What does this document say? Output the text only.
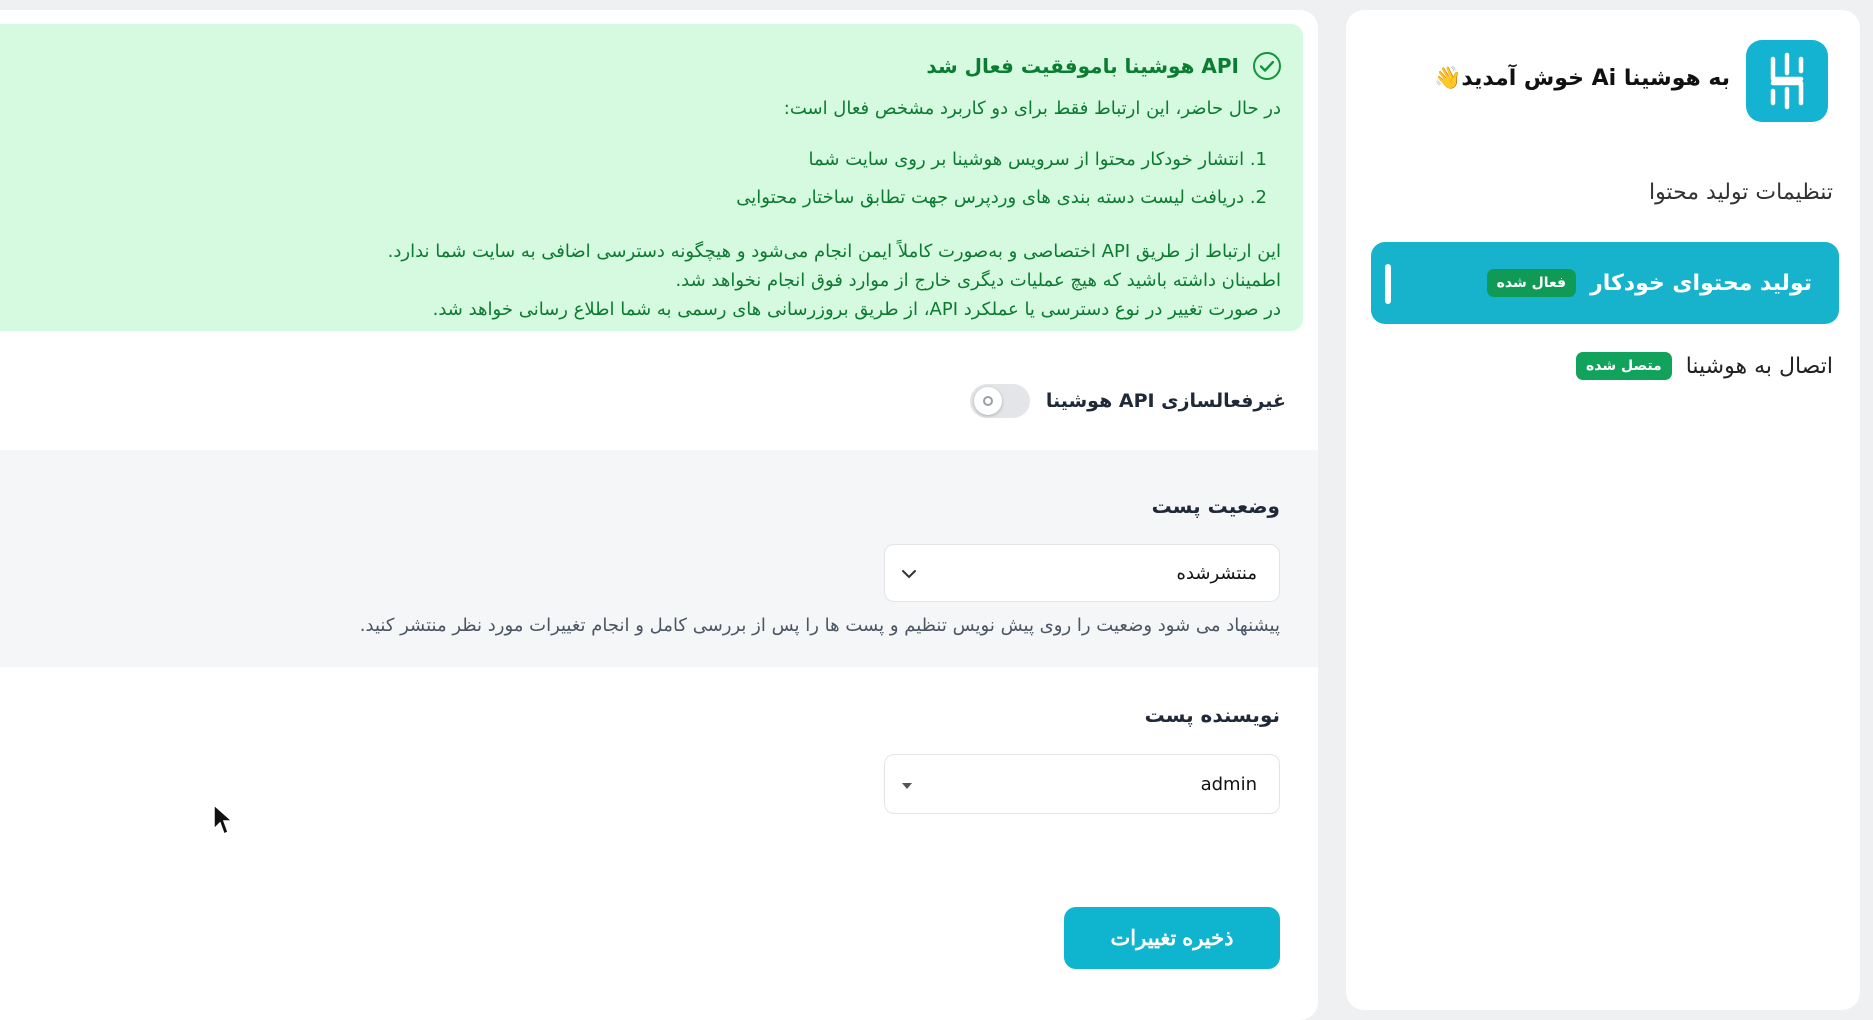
API هوشینا باموفقیت فعال شد
در حال حاضر، این ارتباط فقط برای دو کاربرد مشخص فعال است:
1. انتشار خودکار محتوا از سرویس هوشینا بر روی سایت شما
2. دریافت لیست دسته بندی های وردپرس جهت تطابق ساختار محتوایی
این ارتباط از طریق API اختصاصی و به‌صورت کاملاً ایمن انجام می‌شود و هیچگونه دسترسی اضافی به سایت شما ندارد.
اطمینان داشته باشید که هیچ عملیات دیگری خارج از موارد فوق انجام نخواهد شد.
در صورت تغییر در نوع دسترسی یا عملکرد API، از طریق بروزرسانی های رسمی به شما اطلاع رسانی خواهد شد.
غیرفعالسازی API هوشینا
وضعیت پست
منتشرشده
پیشنهاد می شود وضعیت را روی پیش نویس تنظیم و پست ها را پس از بررسی کامل و انجام تغییرات مورد نظر منتشر کنید.
نویسنده پست
admin
ذخیره تغییرات
به هوشینا Ai خوش آمدید👋
تنظیمات تولید محتوا
تولید محتوای خودکار
فعال شده
اتصال به هوشینا
متصل شده
